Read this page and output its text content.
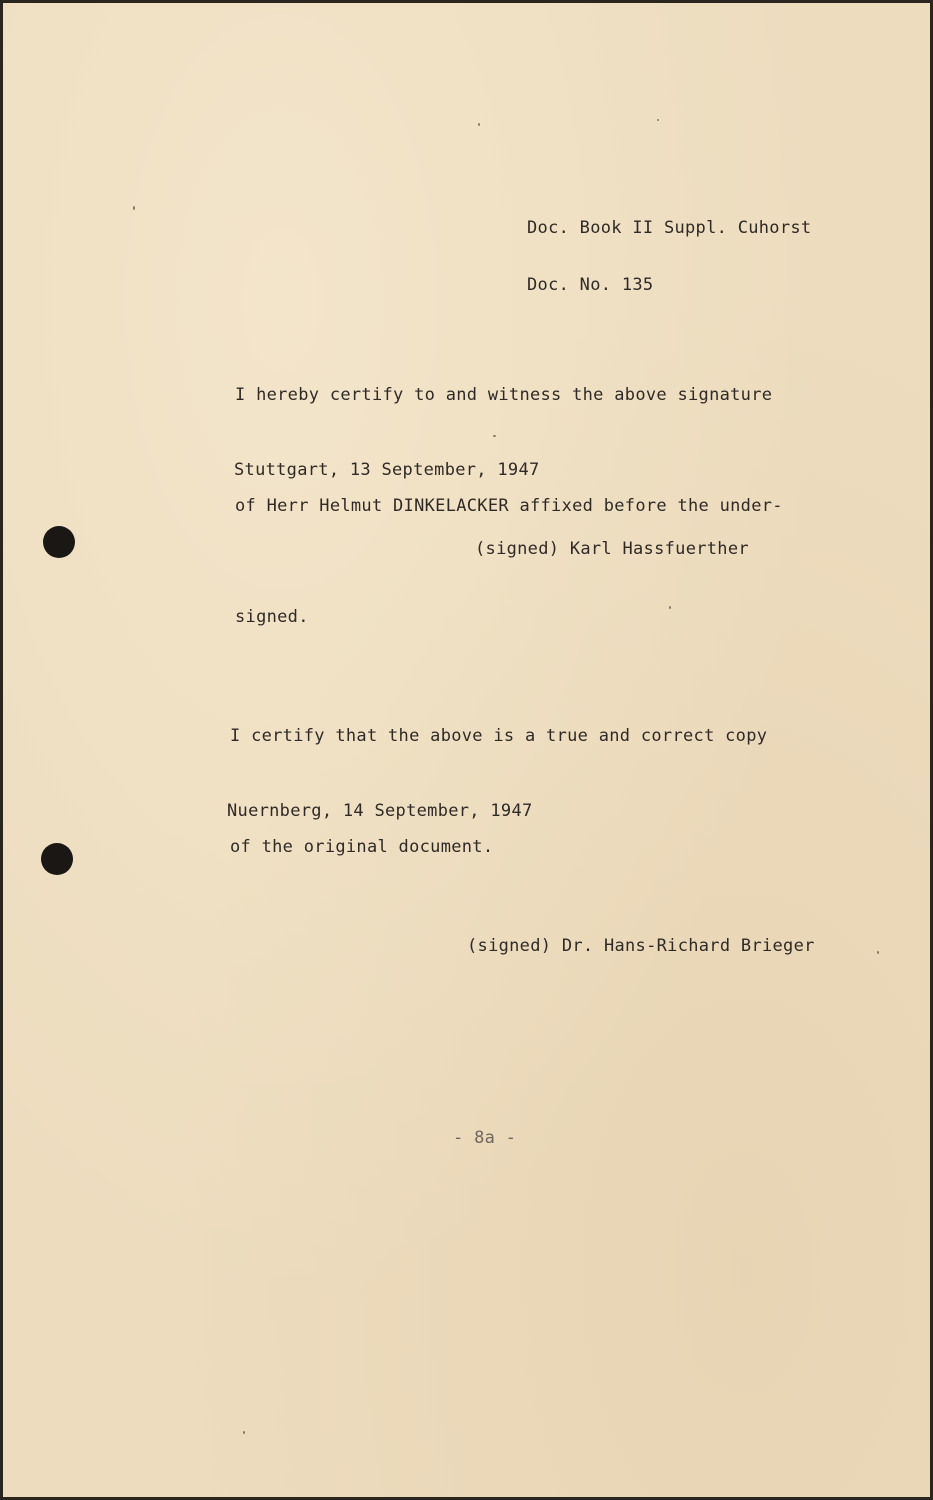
Doc. Book II Suppl. Cuhorst

Doc. No. 135

I hereby certify to and witness the above signature

of Herr Helmut DINKELACKER affixed before the under-

signed.

Stuttgart, 13 September, 1947
(signed) Karl Hassfuerther

I certify that the above is a true and correct copy

of the original document.

Nuernberg, 14 September, 1947
(signed) Dr. Hans-Richard Brieger
- 8a -
